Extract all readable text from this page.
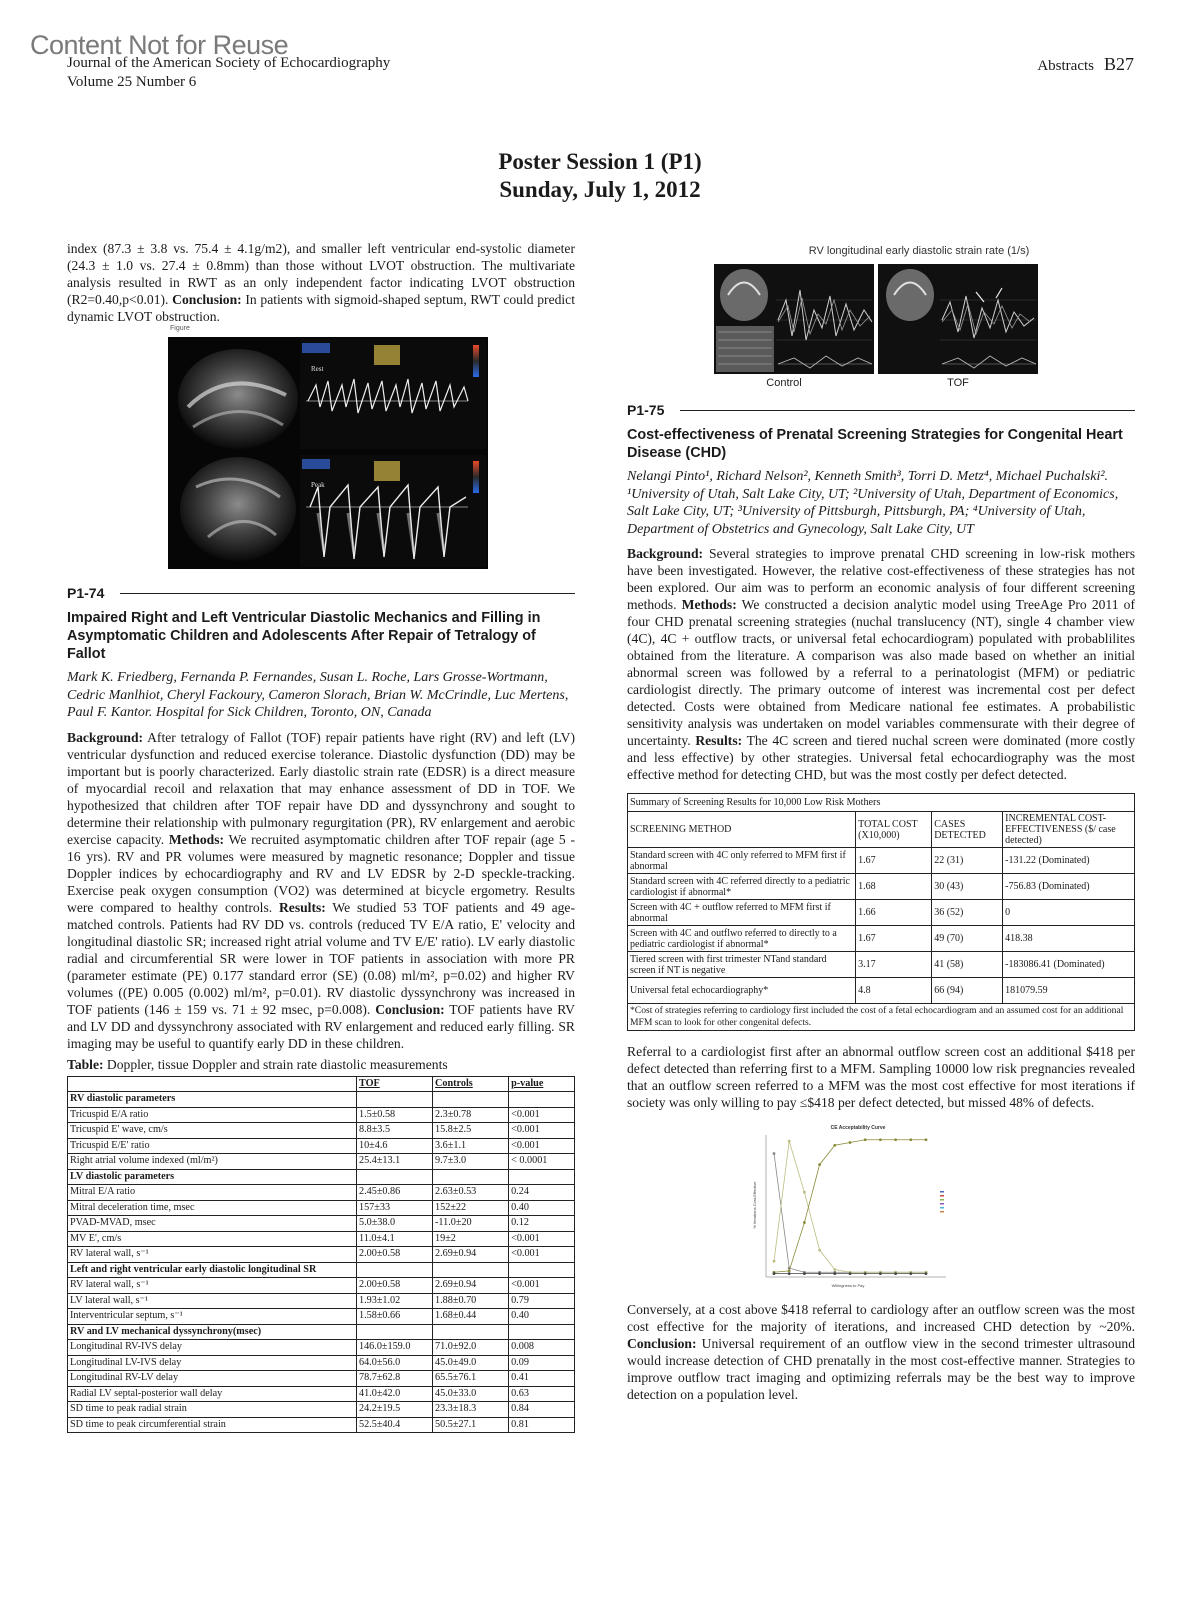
Content Not for Reuse
Journal of the American Society of Echocardiography
Volume 25 Number 6
Abstracts B27
Poster Session 1 (P1)
Sunday, July 1, 2012

index (87.3 ± 3.8 vs. 75.4 ± 4.1g/m2), and smaller left ventricular end-systolic diameter (24.3 ± 1.0 vs. 27.4 ± 0.8mm) than those without LVOT obstruction. The multivariate analysis resulted in RWT as an only independent factor indicating LVOT obstruction (R2=0.40,p<0.01). Conclusion: In patients with sigmoid-shaped septum, RWT could predict dynamic LVOT obstruction.

Figure
Rest
Peak
P1-74
Impaired Right and Left Ventricular Diastolic Mechanics and Filling in Asymptomatic Children and Adolescents After Repair of Tetralogy of Fallot

Mark K. Friedberg, Fernanda P. Fernandes, Susan L. Roche, Lars Grosse-Wortmann, Cedric Manlhiot, Cheryl Fackoury, Cameron Slorach, Brian W. McCrindle, Luc Mertens, Paul F. Kantor. Hospital for Sick Children, Toronto, ON, Canada

Background: After tetralogy of Fallot (TOF) repair patients have right (RV) and left (LV) ventricular dysfunction and reduced exercise tolerance. Diastolic dysfunction (DD) may be important but is poorly characterized. Early diastolic strain rate (EDSR) is a direct measure of myocardial recoil and relaxation that may enhance assessment of DD in TOF. We hypothesized that children after TOF repair have DD and dyssynchrony and sought to determine their relationship with pulmonary regurgitation (PR), RV enlargement and aerobic exercise capacity. Methods: We recruited asymptomatic children after TOF repair (age 5 - 16 yrs). RV and PR volumes were measured by magnetic resonance; Doppler and tissue Doppler indices by echocardiography and RV and LV EDSR by 2-D speckle-tracking. Exercise peak oxygen consumption (VO2) was determined at bicycle ergometry. Results were compared to healthy controls. Results: We studied 53 TOF patients and 49 age-matched controls. Patients had RV DD vs. controls (reduced TV E/A ratio, E' velocity and longitudinal diastolic SR; increased right atrial volume and TV E/E' ratio). LV early diastolic radial and circumferential SR were lower in TOF patients in association with more PR (parameter estimate (PE) 0.177 standard error (SE) (0.08) ml/m², p=0.02) and higher RV volumes ((PE) 0.005 (0.002) ml/m², p=0.01). RV diastolic dyssynchrony was increased in TOF patients (146 ± 159 vs. 71 ± 92 msec, p=0.008). Conclusion: TOF patients have RV and LV DD and dyssynchrony associated with RV enlargement and reduced early filling. SR imaging may be useful to quantify early DD in these children.

Table: Doppler, tissue Doppler and strain rate diastolic measurements

	TOF	Controls	p-value
RV diastolic parameters			
Tricuspid E/A ratio	1.5±0.58	2.3±0.78	<0.001
Tricuspid E' wave, cm/s	8.8±3.5	15.8±2.5	<0.001
Tricuspid E/E' ratio	10±4.6	3.6±1.1	<0.001
Right atrial volume indexed (ml/m²)	25.4±13.1	9.7±3.0	< 0.0001
LV diastolic parameters			
Mitral E/A ratio	2.45±0.86	2.63±0.53	0.24
Mitral deceleration time, msec	157±33	152±22	0.40
PVAD-MVAD, msec	5.0±38.0	-11.0±20	0.12
MV E', cm/s	11.0±4.1	19±2	<0.001
RV lateral wall, s⁻¹	2.00±0.58	2.69±0.94	<0.001
Left and right ventricular early diastolic longitudinal SR			
RV lateral wall, s⁻¹	2.00±0.58	2.69±0.94	<0.001
LV lateral wall, s⁻¹	1.93±1.02	1.88±0.70	0.79
Interventricular septum, s⁻¹	1.58±0.66	1.68±0.44	0.40
RV and LV mechanical dyssynchrony(msec)			
Longitudinal RV-IVS delay	146.0±159.0	71.0±92.0	0.008
Longitudinal LV-IVS delay	64.0±56.0	45.0±49.0	0.09
Longitudinal RV-LV delay	78.7±62.8	65.5±76.1	0.41
Radial LV septal-posterior wall delay	41.0±42.0	45.0±33.0	0.63
SD time to peak radial strain	24.2±19.5	23.3±18.3	0.84
SD time to peak circumferential strain	52.5±40.4	50.5±27.1	0.81
RV longitudinal early diastolic strain rate (1/s)
Control	TOF
P1-75
Cost-effectiveness of Prenatal Screening Strategies for Congenital Heart Disease (CHD)

Nelangi Pinto¹, Richard Nelson², Kenneth Smith³, Torri D. Metz⁴, Michael Puchalski². ¹University of Utah, Salt Lake City, UT; ²University of Utah, Department of Economics, Salt Lake City, UT; ³University of Pittsburgh, Pittsburgh, PA; ⁴University of Utah, Department of Obstetrics and Gynecology, Salt Lake City, UT

Background: Several strategies to improve prenatal CHD screening in low-risk mothers have been investigated. However, the relative cost-effectiveness of these strategies has not been explored. Our aim was to perform an economic analysis of four different screening methods. Methods: We constructed a decision analytic model using TreeAge Pro 2011 of four CHD prenatal screening strategies (nuchal translucency (NT), single 4 chamber view (4C), 4C + outflow tracts, or universal fetal echocardiogram) populated with probablilites obtained from the literature. A comparison was also made based on whether an initial abnormal screen was followed by a referral to a perinatologist (MFM) or pediatric cardiologist directly. The primary outcome of interest was incremental cost per defect detected. Costs were obtained from Medicare national fee estimates. A probabilistic sensitivity analysis was undertaken on model variables commensurate with their degree of uncertainty. Results: The 4C screen and tiered nuchal screen were dominated (more costly and less effective) by other strategies. Universal fetal echocardiography was the most effective method for detecting CHD, but was the most costly per defect detected.

Summary of Screening Results for 10,000 Low Risk Mothers			
SCREENING METHOD	TOTAL COST (X10,000)	CASES DETECTED	INCREMENTAL COST-EFFECTIVENESS ($/ case detected)
Standard screen with 4C only referred to MFM first if abnormal	1.67	22 (31)	-131.22 (Dominated)
Standard screen with 4C referred directly to a pediatric cardiologist if abnormal*	1.68	30 (43)	-756.83 (Dominated)
Screen with 4C + outflow referred to MFM first if abnormal	1.66	36 (52)	0
Screen with 4C and outflwo referred to directly to a pediatric cardiologist if abnormal*	1.67	49 (70)	418.38
Tiered screen with first trimester NTand standard screen if NT is negative	3.17	41 (58)	-183086.41 (Dominated)
Universal fetal echocardiography*	4.8	66 (94)	181079.59
*Cost of strategies referring to cardiology first included the cost of a fetal echocardiogram and an assumed cost for an additional MFM scan to look for other congenital defects.			

Referral to a cardiologist first after an abnormal outflow screen cost an additional $418 per defect detected than referring first to a MFM. Sampling 10000 low risk pregnancies revealed that an outflow screen referred to a MFM was the most cost effective for most iterations if society was only willing to pay ≤$418 per defect detected, but missed 48% of defects.

CE Acceptability Curve
% Iterations Cost-Effective
Willingness to Pay

Conversely, at a cost above $418 referral to cardiology after an outflow screen was the most cost effective for the majority of iterations, and increased CHD detection by ~20%. Conclusion: Universal requirement of an outflow view in the second trimester ultrasound would increase detection of CHD prenatally in the most cost-effective manner. Strategies to improve outflow tract imaging and optimizing referrals may be the best way to improve detection on a population level.
